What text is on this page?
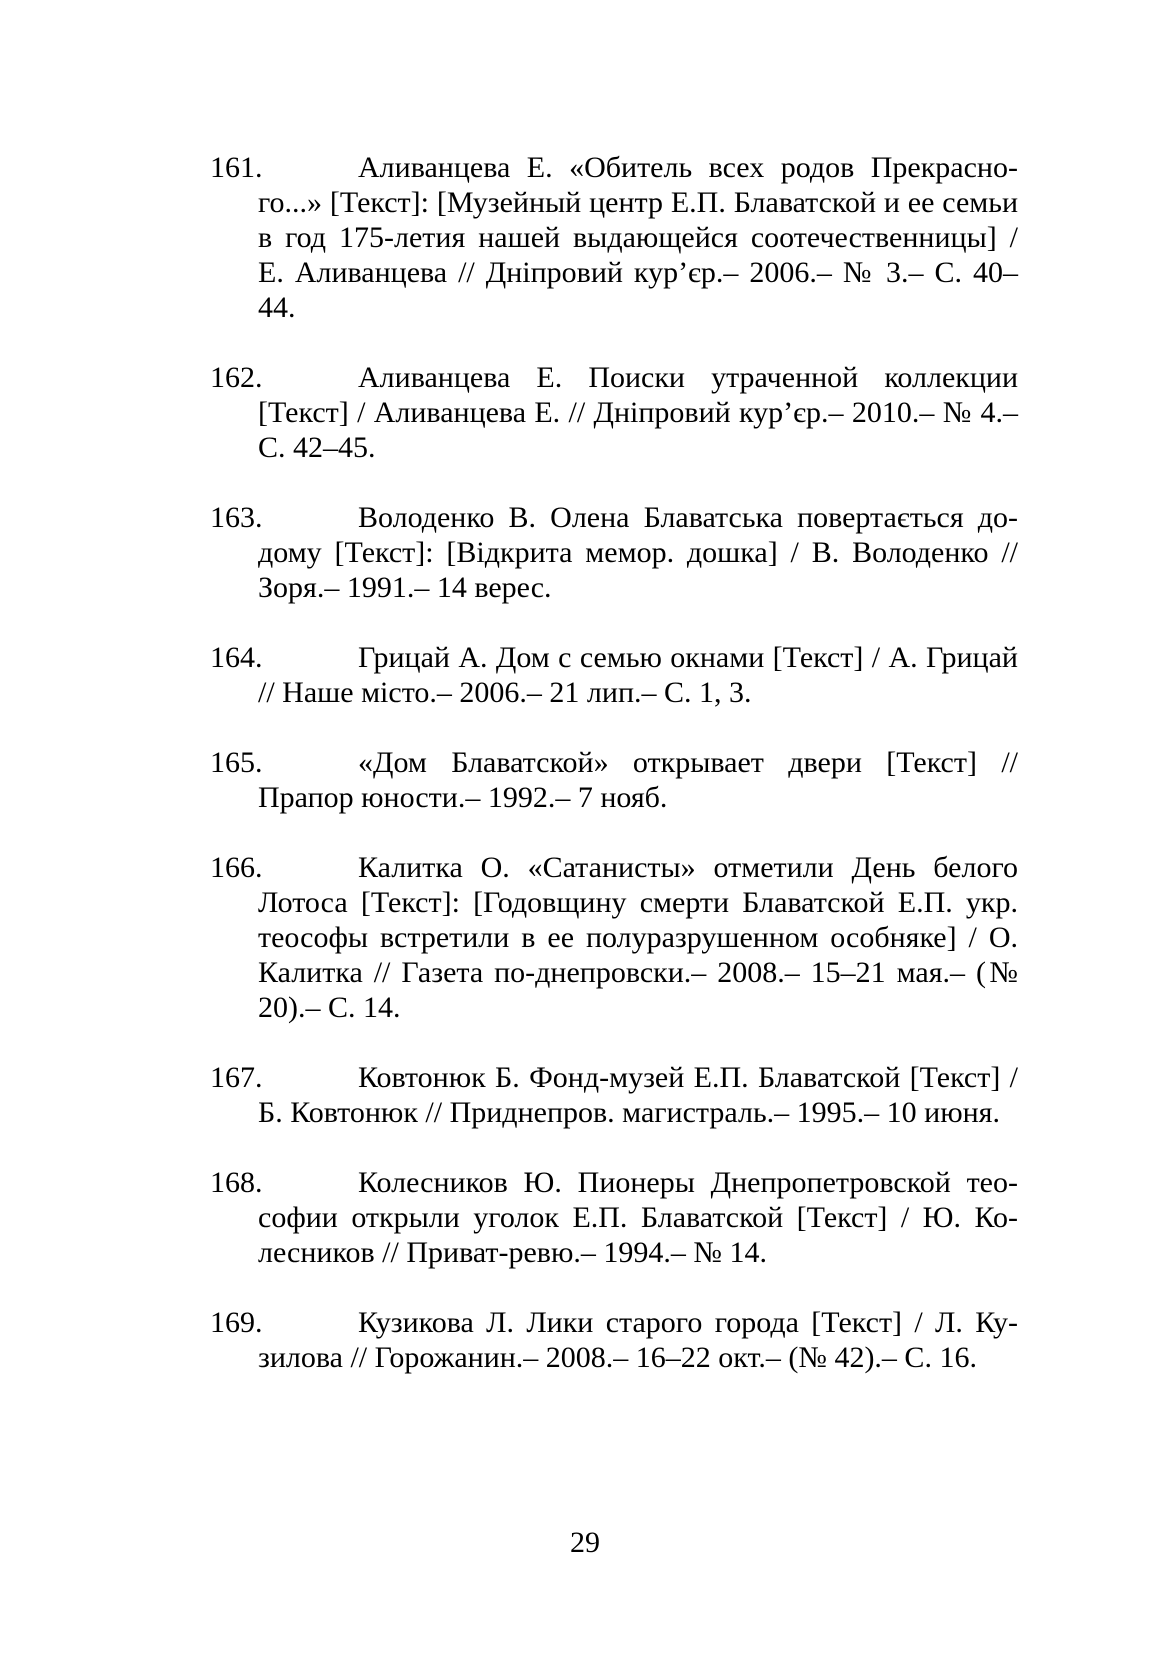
161.	Аливанцева Е. «Обитель всех родов Прекрасного...» [Текст]: [Музейный центр Е.П. Блаватской и ее семьи в год 175-летия нашей выдающейся соотечественницы] / Е. Аливанцева // Дніпровий кур’єр.– 2006.– № 3.– С. 40–44.
162.	Аливанцева Е. Поиски утраченной коллекции [Текст] / Аливанцева Е. // Дніпровий кур’єр.– 2010.– № 4.– С. 42–45.
163.	Володенко В. Олена Блаватська повертається додому [Текст]: [Відкрита мемор. дошка] / В. Володенко // Зоря.– 1991.– 14 верес.
164.	Грицай А. Дом с семью окнами [Текст] / А. Грицай // Наше місто.– 2006.– 21 лип.– С. 1, 3.
165.	«Дом Блаватской» открывает двери [Текст] // Прапор юности.– 1992.– 7 нояб.
166.	Калитка О. «Сатанисты» отметили День белого Лотоса [Текст]: [Годовщину смерти Блаватской Е.П. укр. теософы встретили в ее полуразрушенном особняке] / О. Калитка // Газета по-днепровски.– 2008.– 15–21 мая.– (№ 20).– С. 14.
167.	Ковтонюк Б. Фонд-музей Е.П. Блаватской [Текст] / Б. Ковтонюк // Приднепров. магистраль.– 1995.– 10 июня.
168.	Колесников Ю. Пионеры Днепропетровской теософии открыли уголок Е.П. Блаватской [Текст] / Ю. Колесников // Приват-ревю.– 1994.– № 14.
169.	Кузикова Л. Лики старого города [Текст] / Л. Кузилова // Горожанин.– 2008.– 16–22 окт.– (№ 42).– С. 16.
29
